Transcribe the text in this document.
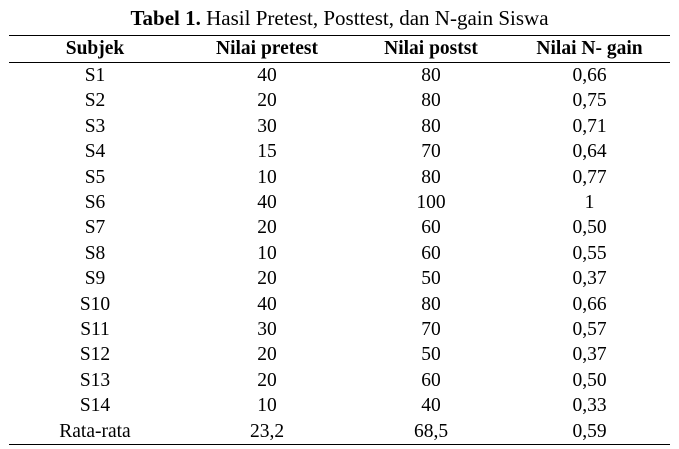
Tabel 1. Hasil Pretest, Posttest, dan N-gain Siswa
Subjek	Nilai pretest	Nilai postst	Nilai N- gain
S1	40	80	0,66
S2	20	80	0,75
S3	30	80	0,71
S4	15	70	0,64
S5	10	80	0,77
S6	40	100	1
S7	20	60	0,50
S8	10	60	0,55
S9	20	50	0,37
S10	40	80	0,66
S11	30	70	0,57
S12	20	50	0,37
S13	20	60	0,50
S14	10	40	0,33
Rata-rata	23,2	68,5	0,59
